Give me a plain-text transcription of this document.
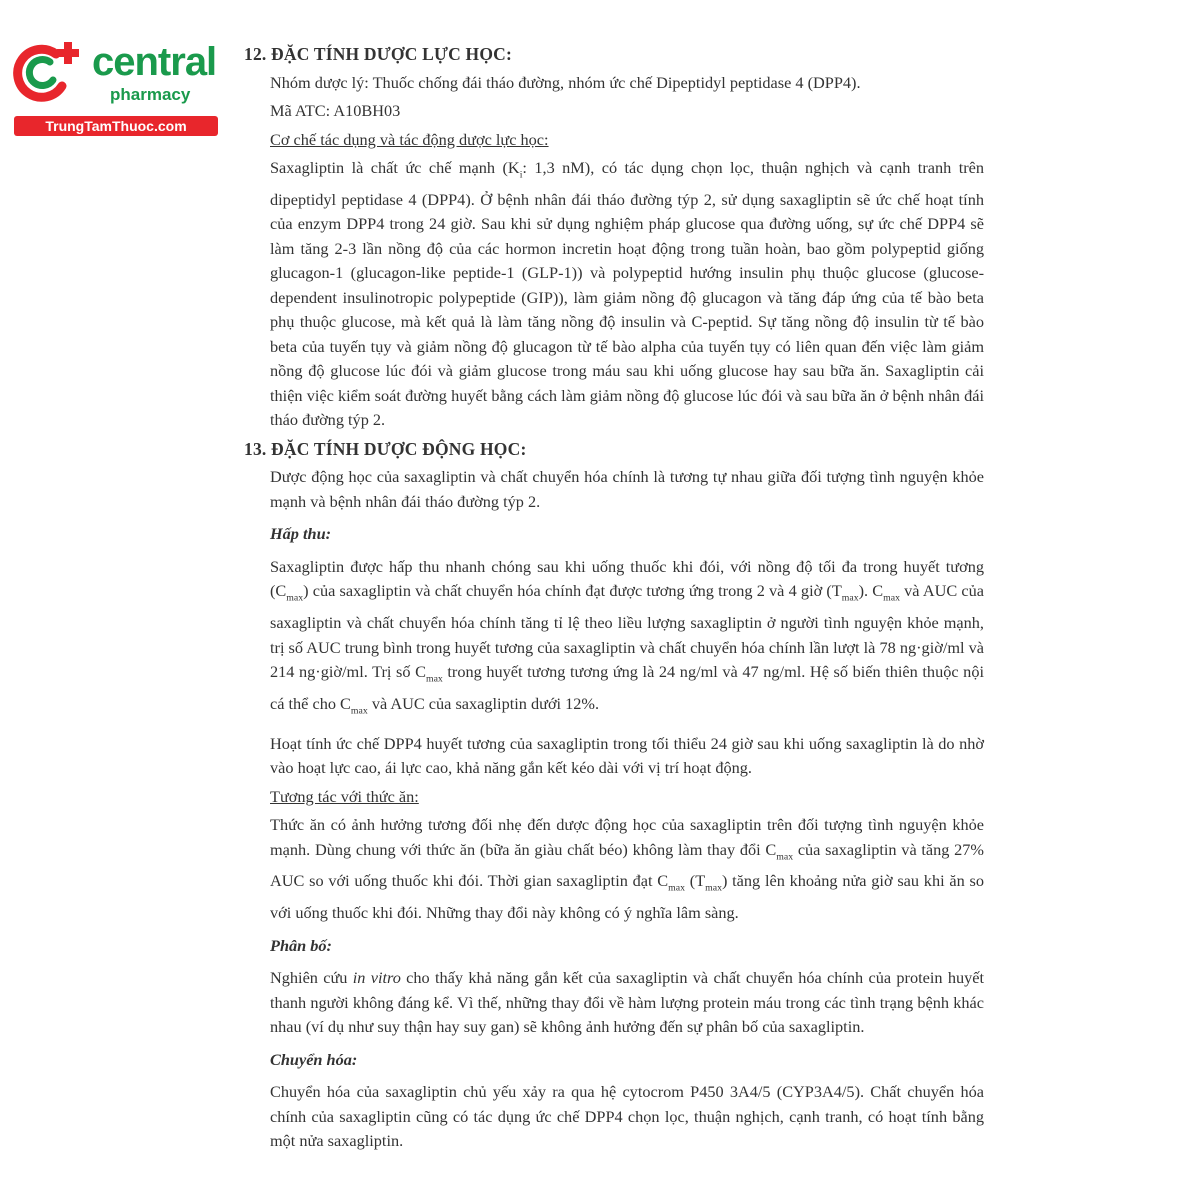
central
pharmacy
TrungTamThuoc.com
12. ĐẶC TÍNH DƯỢC LỰC HỌC:

Nhóm dược lý: Thuốc chống đái tháo đường, nhóm ức chế Dipeptidyl peptidase 4 (DPP4).

Mã ATC: A10BH03

Cơ chế tác dụng và tác động dược lực học:

Saxagliptin là chất ức chế mạnh ($K_i$: 1,3 nM), có tác dụng chọn lọc, thuận nghịch và cạnh tranh trên dipeptidyl peptidase 4 (DPP4). Ở bệnh nhân đái tháo đường týp 2, sử dụng saxagliptin sẽ ức chế hoạt tính của enzym DPP4 trong 24 giờ. Sau khi sử dụng nghiệm pháp glucose qua đường uống, sự ức chế DPP4 sẽ làm tăng 2-3 lần nồng độ của các hormon incretin hoạt động trong tuần hoàn, bao gồm polypeptid giống glucagon-1 (glucagon-like peptide-1 (GLP-1)) và polypeptid hướng insulin phụ thuộc glucose (glucose-dependent insulinotropic polypeptide (GIP)), làm giảm nồng độ glucagon và tăng đáp ứng của tế bào beta phụ thuộc glucose, mà kết quả là làm tăng nồng độ insulin và C-peptid. Sự tăng nồng độ insulin từ tế bào beta của tuyến tụy và giảm nồng độ glucagon từ tế bào alpha của tuyến tụy có liên quan đến việc làm giảm nồng độ glucose lúc đói và giảm glucose trong máu sau khi uống glucose hay sau bữa ăn. Saxagliptin cải thiện việc kiểm soát đường huyết bằng cách làm giảm nồng độ glucose lúc đói và sau bữa ăn ở bệnh nhân đái tháo đường týp 2.

13. ĐẶC TÍNH DƯỢC ĐỘNG HỌC:

Dược động học của saxagliptin và chất chuyển hóa chính là tương tự nhau giữa đối tượng tình nguyện khỏe mạnh và bệnh nhân đái tháo đường týp 2.

Hấp thu:

Saxagliptin được hấp thu nhanh chóng sau khi uống thuốc khi đói, với nồng độ tối đa trong huyết tương $(C_{max})$ của saxagliptin và chất chuyển hóa chính đạt được tương ứng trong 2 và 4 giờ $(T_{max})$. $C_{max}$ và AUC của saxagliptin và chất chuyển hóa chính tăng tỉ lệ theo liều lượng saxagliptin ở người tình nguyện khỏe mạnh, trị số AUC trung bình trong huyết tương của saxagliptin và chất chuyển hóa chính lần lượt là 78 ng·giờ/ml và 214 ng·giờ/ml. Trị số $C_{max}$ trong huyết tương tương ứng là 24 ng/ml và 47 ng/ml. Hệ số biến thiên thuộc nội cá thể cho $C_{max}$ và AUC của saxagliptin dưới 12%.

Hoạt tính ức chế DPP4 huyết tương của saxagliptin trong tối thiểu 24 giờ sau khi uống saxagliptin là do nhờ vào hoạt lực cao, ái lực cao, khả năng gắn kết kéo dài với vị trí hoạt động.

Tương tác với thức ăn:

Thức ăn có ảnh hưởng tương đối nhẹ đến dược động học của saxagliptin trên đối tượng tình nguyện khỏe mạnh. Dùng chung với thức ăn (bữa ăn giàu chất béo) không làm thay đổi $C_{max}$ của saxagliptin và tăng 27% AUC so với uống thuốc khi đói. Thời gian saxagliptin đạt $C_{max}$ $(T_{max})$ tăng lên khoảng nửa giờ sau khi ăn so với uống thuốc khi đói. Những thay đổi này không có ý nghĩa lâm sàng.

Phân bố:

Nghiên cứu in vitro cho thấy khả năng gắn kết của saxagliptin và chất chuyển hóa chính của protein huyết thanh người không đáng kể. Vì thế, những thay đổi về hàm lượng protein máu trong các tình trạng bệnh khác nhau (ví dụ như suy thận hay suy gan) sẽ không ảnh hưởng đến sự phân bố của saxagliptin.

Chuyển hóa:

Chuyển hóa của saxagliptin chủ yếu xảy ra qua hệ cytocrom P450 3A4/5 (CYP3A4/5). Chất chuyển hóa chính của saxagliptin cũng có tác dụng ức chế DPP4 chọn lọc, thuận nghịch, cạnh tranh, có hoạt tính bằng một nửa saxagliptin.
